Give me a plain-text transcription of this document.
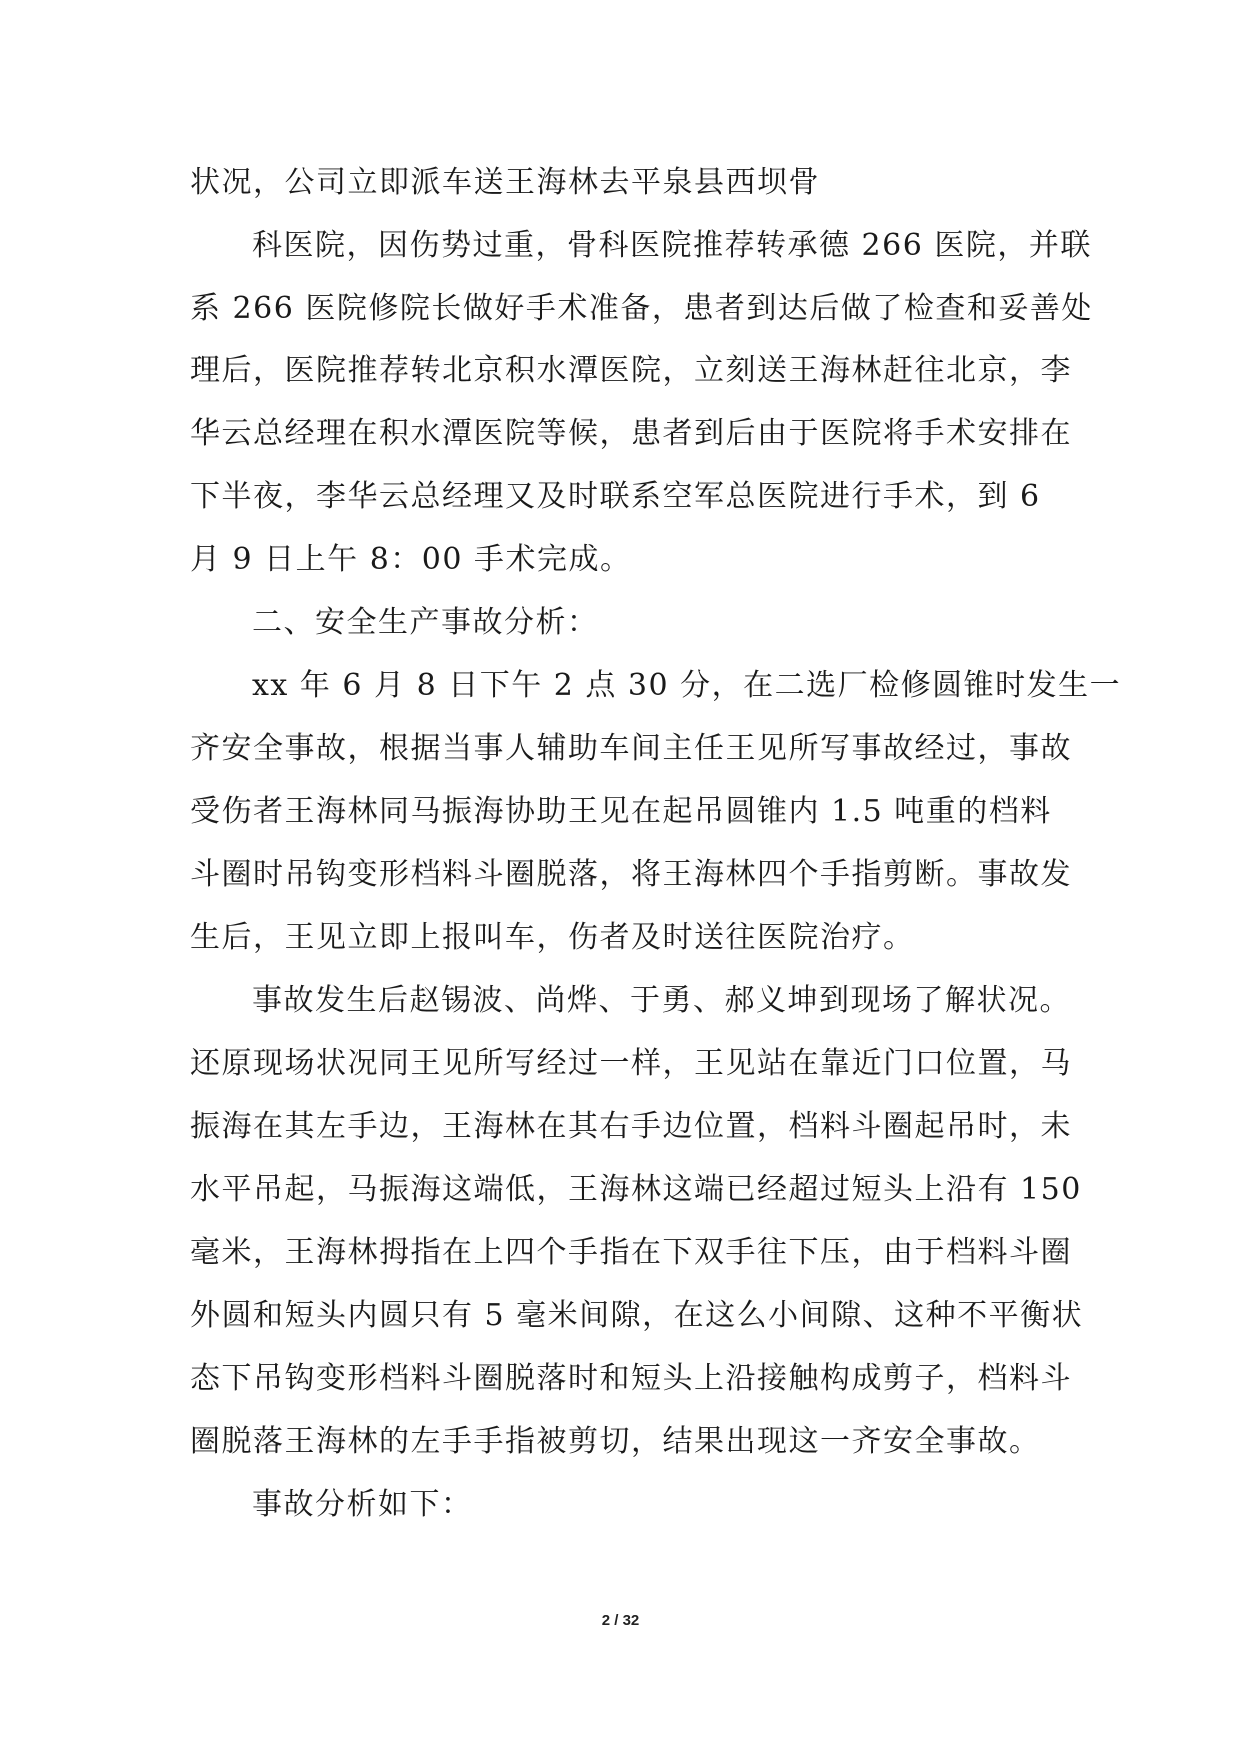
状况，公司立即派车送王海林去平泉县西坝骨
科医院，因伤势过重，骨科医院推荐转承德 266 医院，并联
系 266 医院修院长做好手术准备，患者到达后做了检查和妥善处
理后，医院推荐转北京积水潭医院，立刻送王海林赶往北京，李
华云总经理在积水潭医院等候，患者到后由于医院将手术安排在
下半夜，李华云总经理又及时联系空军总医院进行手术，到 6
月 9 日上午 8：00 手术完成。
二、安全生产事故分析：
xx 年 6 月 8 日下午 2 点 30 分，在二选厂检修圆锥时发生一
齐安全事故，根据当事人辅助车间主任王见所写事故经过，事故
受伤者王海林同马振海协助王见在起吊圆锥内 1.5 吨重的档料
斗圈时吊钩变形档料斗圈脱落，将王海林四个手指剪断。事故发
生后，王见立即上报叫车，伤者及时送往医院治疗。
事故发生后赵锡波、尚烨、于勇、郝义坤到现场了解状况。
还原现场状况同王见所写经过一样，王见站在靠近门口位置，马
振海在其左手边，王海林在其右手边位置，档料斗圈起吊时，未
水平吊起，马振海这端低，王海林这端已经超过短头上沿有 150
毫米，王海林拇指在上四个手指在下双手往下压，由于档料斗圈
外圆和短头内圆只有 5 毫米间隙，在这么小间隙、这种不平衡状
态下吊钩变形档料斗圈脱落时和短头上沿接触构成剪子，档料斗
圈脱落王海林的左手手指被剪切，结果出现这一齐安全事故。
事故分析如下：
2 / 32
